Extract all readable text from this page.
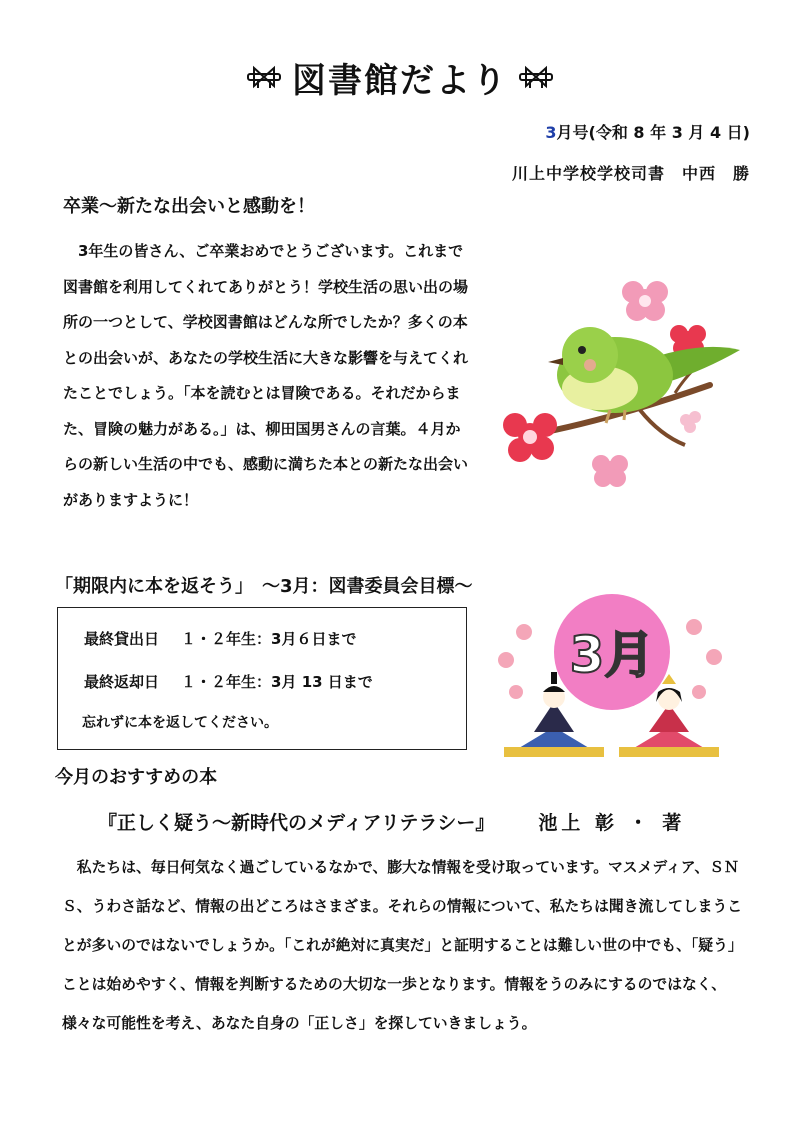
図書館だより
3月号(令和 8 年 3 月 4 日)
川上中学校学校司書　中西　勝
卒業〜新たな出会いと感動を！
3年生の皆さん、ご卒業おめでとうございます。これまで図書館を利用してくれてありがとう！学校生活の思い出の場所の一つとして、学校図書館はどんな所でしたか？多くの本との出会いが、あなたの学校生活に大きな影響を与えてくれたことでしょう。「本を読むとは冒険である。それだからまた、冒険の魅力がある。」は、柳田国男さんの言葉。４月からの新しい生活の中でも、感動に満ちた本との新たな出会いがありますように！
「期限内に本を返そう」　〜3月：図書委員会目標〜
最終貸出日 １・２年生：3月６日まで
最終返却日 １・２年生：3月 13 日まで
忘れずに本を返してください。
3月
今月のおすすめの本
『正しく疑う〜新時代のメディアリテラシー』 池上 彰 ・ 著
私たちは、毎日何気なく過ごしているなかで、膨大な情報を受け取っています。マスメディア、ＳＮＳ、うわさ話など、情報の出どころはさまざま。それらの情報について、私たちは聞き流してしまうことが多いのではないでしょうか。「これが絶対に真実だ」と証明することは難しい世の中でも、「疑う」ことは始めやすく、情報を判断するための大切な一歩となります。情報をうのみにするのではなく、様々な可能性を考え、あなた自身の「正しさ」を探していきましょう。
